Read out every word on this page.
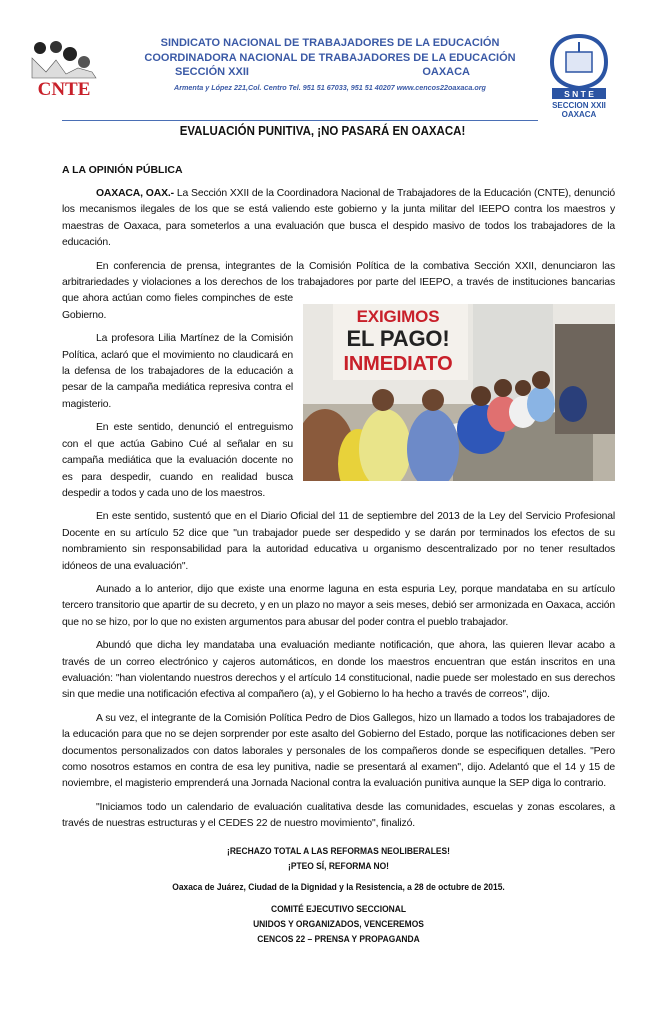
CNTE
SINDICATO NACIONAL DE TRABAJADORES DE LA EDUCACIÓN
COORDINADORA NACIONAL DE TRABAJADORES DE LA EDUCACIÓN
SECCIÓN XXII	OAXACA
Armenta y López 221,Col. Centro Tel. 951 51 67033, 951 51 40207 www.cencos22oaxaca.org
S N T E
SECCION XXII
OAXACA
EVALUACIÓN PUNITIVA, ¡NO PASARÁ EN OAXACA!
A LA OPINIÓN PÚBLICA

OAXACA, OAX.- La Sección XXII de la Coordinadora Nacional de Trabajadores de la Educación (CNTE), denunció los mecanismos ilegales de los que se está valiendo este gobierno y la junta militar del IEEPO contra los maestros y maestras de Oaxaca, para someterlos a una evaluación que busca el despido masivo de todos los trabajadores de la educación.

En conferencia de prensa, integrantes de la Comisión Política de la combativa Sección XXII, denunciaron las arbitrariedades y violaciones a los derechos de los trabajadores por parte del IEEPO, a través de instituciones bancarias

EXIGIMOS
EL PAGO!
INMEDIATO

que ahora actúan como fieles compinches de este Gobierno.

La profesora Lilia Martínez de la Comisión Política, aclaró que el movimiento no claudicará en la defensa de los trabajadores de la educación a pesar de la campaña mediática represiva contra el magisterio.

En este sentido, denunció el entreguismo con el que actúa Gabino Cué al señalar en su campaña mediática que la evaluación docente no es para despedir, cuando en realidad busca despedir a todos y cada uno de los maestros.

En este sentido, sustentó que en el Diario Oficial del 11 de septiembre del 2013 de la Ley del Servicio Profesional Docente en su artículo 52 dice que "un trabajador puede ser despedido y se darán por terminados los efectos de su nombramiento sin responsabilidad para la autoridad educativa u organismo descentralizado por no tener resultados idóneos de una evaluación".

Aunado a lo anterior, dijo que existe una enorme laguna en esta espuria Ley, porque mandataba en su artículo tercero transitorio que apartir de su decreto, y en un plazo no mayor a seis meses, debió ser armonizada en Oaxaca, acción que no se hizo, por lo que no existen argumentos para abusar del poder contra el pueblo trabajador.

Abundó que dicha ley mandataba una evaluación mediante notificación, que ahora, las quieren llevar acabo a través de un correo electrónico y cajeros automáticos, en donde los maestros encuentran que están inscritos en una evaluación: "han violentando nuestros derechos y el artículo 14 constitucional, nadie puede ser molestado en sus derechos sin que medie una notificación efectiva al compañero (a), y el Gobierno lo ha hecho a través de correos", dijo.

A su vez, el integrante de la Comisión Política Pedro de Dios Gallegos, hizo un llamado a todos los trabajadores de la educación para que no se dejen sorprender por este asalto del Gobierno del Estado, porque las notificaciones deben ser documentos personalizados con datos laborales y personales de los compañeros donde se especifiquen detalles. "Pero como nosotros estamos en contra de esa ley punitiva, nadie se presentará al examen", dijo. Adelantó que el 14 y 15 de noviembre, el magisterio emprenderá una Jornada Nacional contra la evaluación punitiva aunque la SEP diga lo contrario.

"Iniciamos todo un calendario de evaluación cualitativa desde las comunidades, escuelas y zonas escolares, a través de nuestras estructuras y el CEDES 22 de nuestro movimiento", finalizó.

¡RECHAZO TOTAL A LAS REFORMAS NEOLIBERALES!
¡PTEO SÍ, REFORMA NO!
Oaxaca de Juárez, Ciudad de la Dignidad y la Resistencia, a 28 de octubre de 2015.
COMITÉ EJECUTIVO SECCIONAL
UNIDOS Y ORGANIZADOS, VENCEREMOS
CENCOS 22 – PRENSA Y PROPAGANDA
